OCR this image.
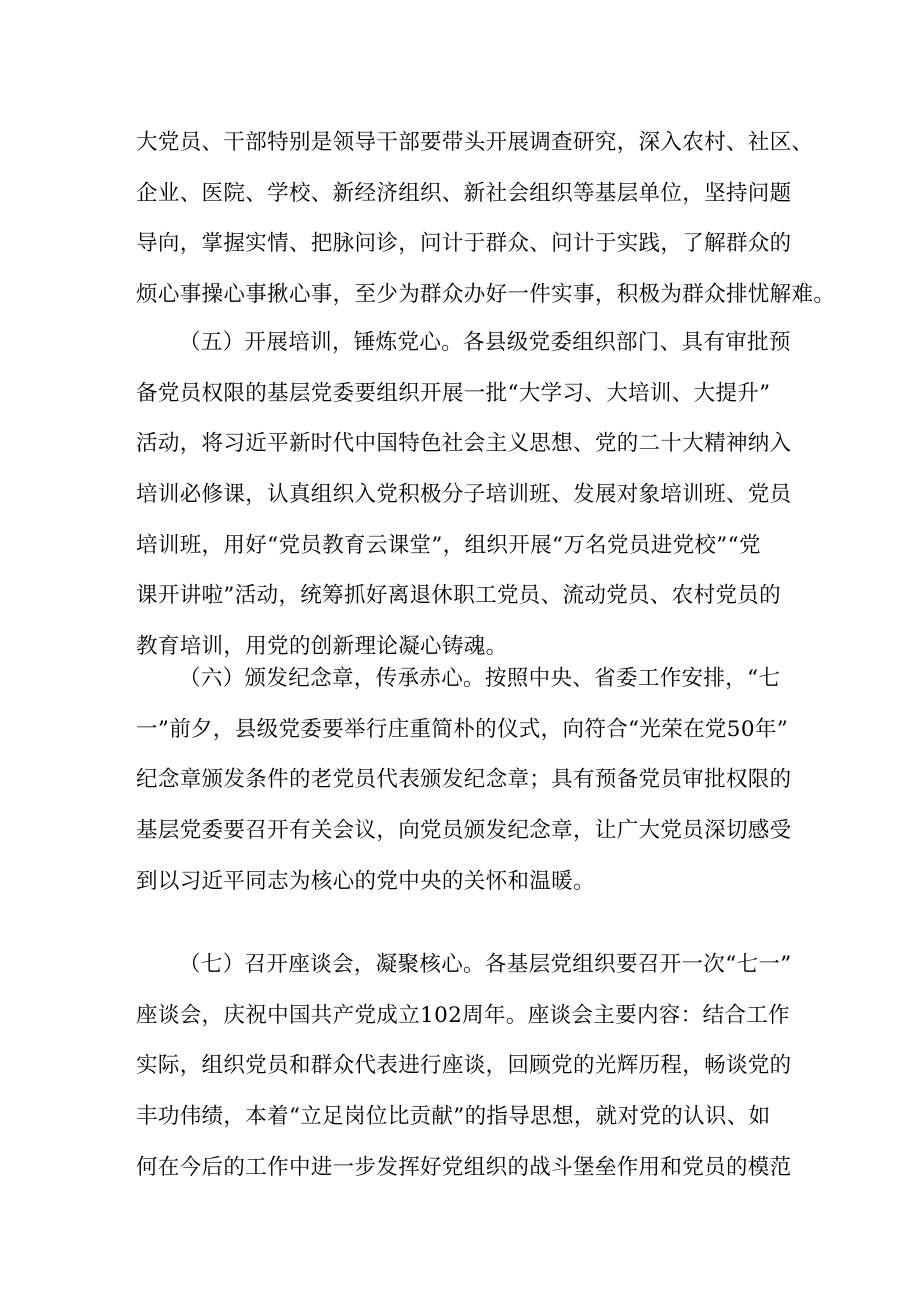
大党员、干部特别是领导干部要带头开展调查研究，深入农村、社区、
企业、医院、学校、新经济组织、新社会组织等基层单位，坚持问题
导向，掌握实情、把脉问诊，问计于群众、问计于实践，了解群众的
烦心事操心事揪心事，至少为群众办好一件实事，积极为群众排忧解难。
（五）开展培训，锤炼党心。各县级党委组织部门、具有审批预
备党员权限的基层党委要组织开展一批“大学习、大培训、大提升”
活动，将习近平新时代中国特色社会主义思想、党的二十大精神纳入
培训必修课，认真组织入党积极分子培训班、发展对象培训班、党员
培训班，用好“党员教育云课堂”，组织开展“万名党员进党校”“党
课开讲啦”活动，统筹抓好离退休职工党员、流动党员、农村党员的
教育培训，用党的创新理论凝心铸魂。
（六）颁发纪念章，传承赤心。按照中央、省委工作安排，“七
一”前夕，县级党委要举行庄重简朴的仪式，向符合“光荣在党50年”
纪念章颁发条件的老党员代表颁发纪念章；具有预备党员审批权限的
基层党委要召开有关会议，向党员颁发纪念章，让广大党员深切感受
到以习近平同志为核心的党中央的关怀和温暖。
（七）召开座谈会，凝聚核心。各基层党组织要召开一次“七一”
座谈会，庆祝中国共产党成立102周年。座谈会主要内容：结合工作
实际，组织党员和群众代表进行座谈，回顾党的光辉历程，畅谈党的
丰功伟绩，本着“立足岗位比贡献”的指导思想，就对党的认识、如
何在今后的工作中进一步发挥好党组织的战斗堡垒作用和党员的模范
